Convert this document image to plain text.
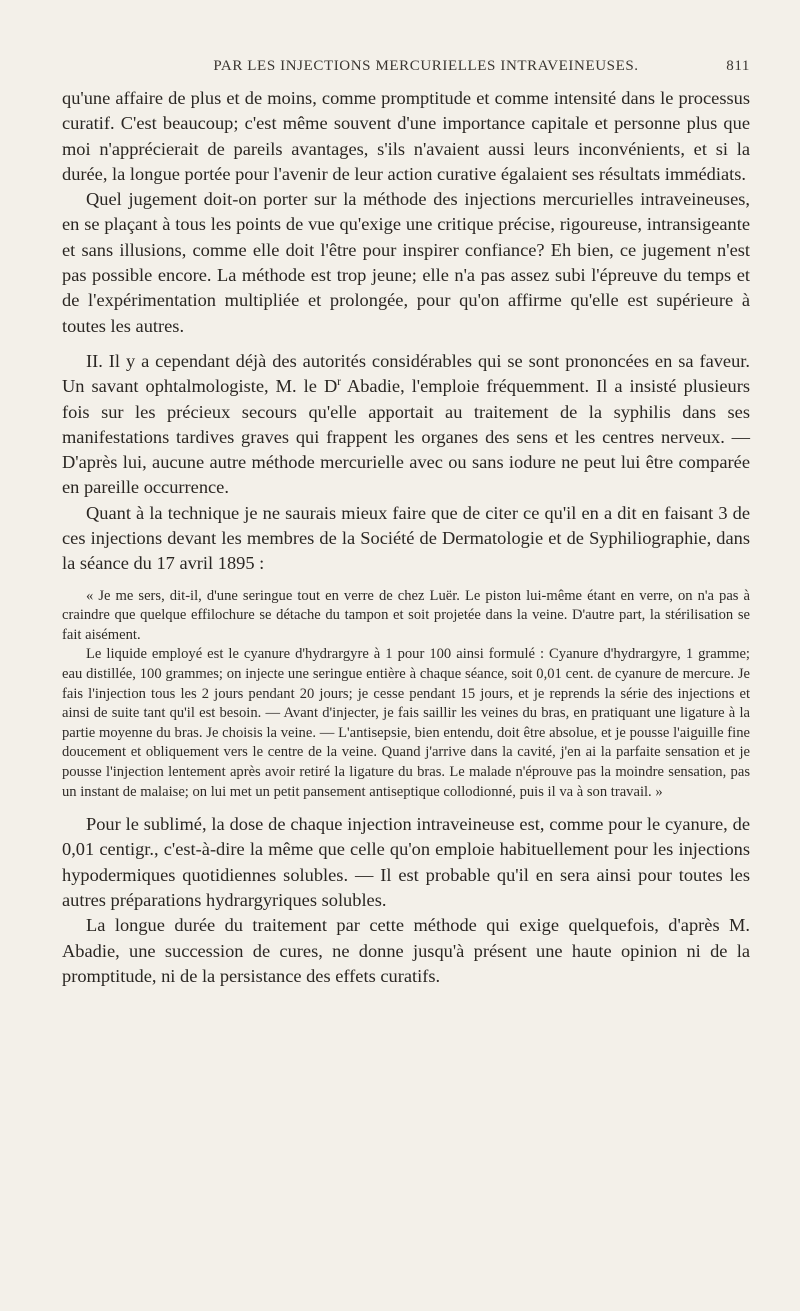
PAR LES INJECTIONS MERCURIELLES INTRAVEINEUSES.	811

qu'une affaire de plus et de moins, comme promptitude et comme intensité dans le processus curatif. C'est beaucoup; c'est même souvent d'une importance capitale et personne plus que moi n'apprécierait de pareils avantages, s'ils n'avaient aussi leurs inconvénients, et si la durée, la longue portée pour l'avenir de leur action curative égalaient ses résultats immédiats.

Quel jugement doit-on porter sur la méthode des injections mercurielles intraveineuses, en se plaçant à tous les points de vue qu'exige une critique précise, rigoureuse, intransigeante et sans illusions, comme elle doit l'être pour inspirer confiance? Eh bien, ce jugement n'est pas possible encore. La méthode est trop jeune; elle n'a pas assez subi l'épreuve du temps et de l'expérimentation multipliée et prolongée, pour qu'on affirme qu'elle est supérieure à toutes les autres.

II. Il y a cependant déjà des autorités considérables qui se sont prononcées en sa faveur. Un savant ophtalmologiste, M. le $D^r$ Abadie, l'emploie fréquemment. Il a insisté plusieurs fois sur les précieux secours qu'elle apportait au traitement de la syphilis dans ses manifestations tardives graves qui frappent les organes des sens et les centres nerveux. — D'après lui, aucune autre méthode mercurielle avec ou sans iodure ne peut lui être comparée en pareille occurrence.

Quant à la technique je ne saurais mieux faire que de citer ce qu'il en a dit en faisant 3 de ces injections devant les membres de la Société de Dermatologie et de Syphiliographie, dans la séance du 17 avril 1895 :

« Je me sers, dit-il, d'une seringue tout en verre de chez Luër. Le piston lui-même étant en verre, on n'a pas à craindre que quelque effilochure se détache du tampon et soit projetée dans la veine. D'autre part, la stérilisation se fait aisément.

Le liquide employé est le cyanure d'hydrargyre à 1 pour 100 ainsi formulé : Cyanure d'hydrargyre, 1 gramme; eau distillée, 100 grammes; on injecte une seringue entière à chaque séance, soit 0,01 cent. de cyanure de mercure. Je fais l'injection tous les 2 jours pendant 20 jours; je cesse pendant 15 jours, et je reprends la série des injections et ainsi de suite tant qu'il est besoin. — Avant d'injecter, je fais saillir les veines du bras, en pratiquant une ligature à la partie moyenne du bras. Je choisis la veine. — L'antisepsie, bien entendu, doit être absolue, et je pousse l'aiguille fine doucement et obliquement vers le centre de la veine. Quand j'arrive dans la cavité, j'en ai la parfaite sensation et je pousse l'injection lentement après avoir retiré la ligature du bras. Le malade n'éprouve pas la moindre sensation, pas un instant de malaise; on lui met un petit pansement antiseptique collodionné, puis il va à son travail. »

Pour le sublimé, la dose de chaque injection intraveineuse est, comme pour le cyanure, de 0,01 centigr., c'est-à-dire la même que celle qu'on emploie habituellement pour les injections hypodermiques quotidiennes solubles. — Il est probable qu'il en sera ainsi pour toutes les autres préparations hydrargyriques solubles.

La longue durée du traitement par cette méthode qui exige quelquefois, d'après M. Abadie, une succession de cures, ne donne jusqu'à présent une haute opinion ni de la promptitude, ni de la persistance des effets curatifs.
